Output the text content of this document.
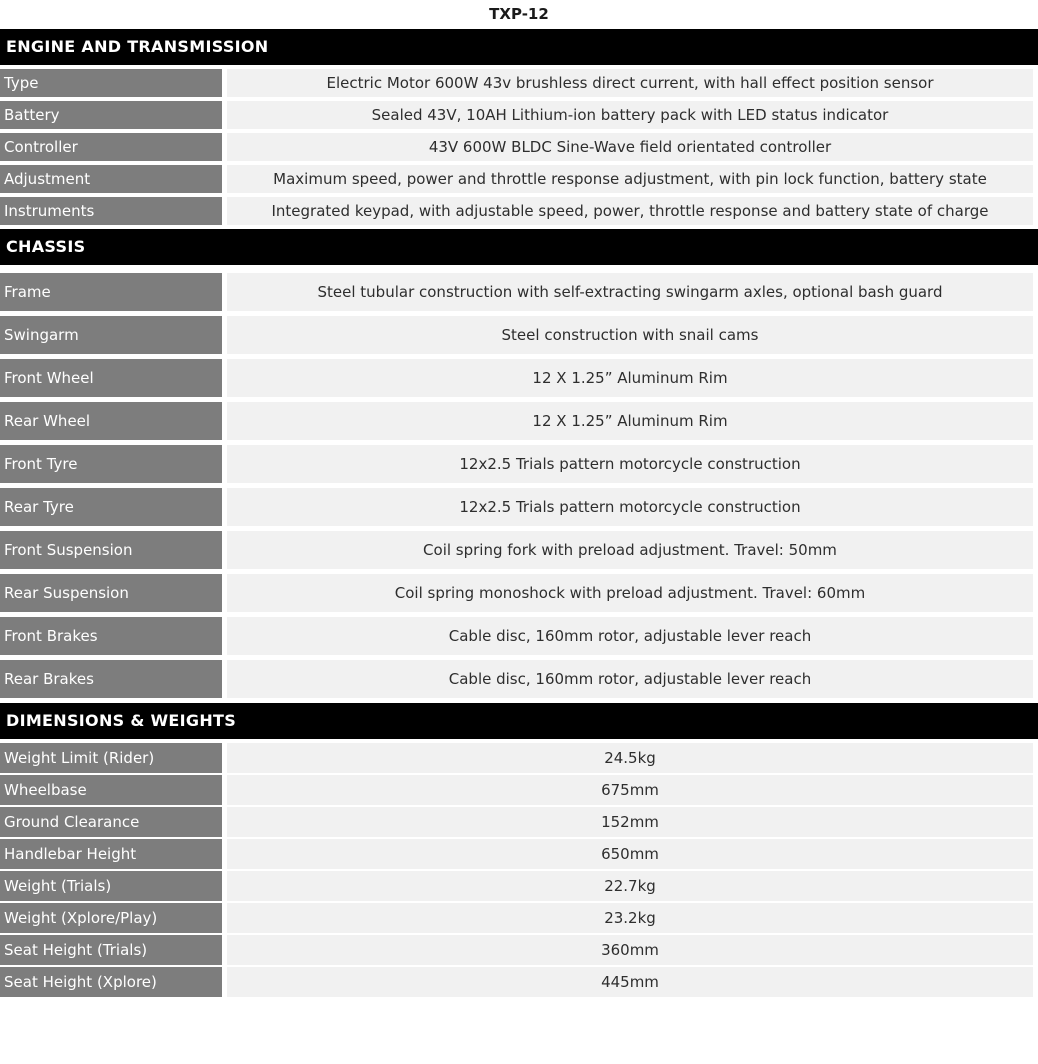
TXP-12
ENGINE AND TRANSMISSION
Type	Electric Motor 600W 43v brushless direct current, with hall effect position sensor
Battery	Sealed 43V, 10AH Lithium-ion battery pack with LED status indicator
Controller	43V 600W BLDC Sine-Wave field orientated controller
Adjustment	Maximum speed, power and throttle response adjustment, with pin lock function, battery state
Instruments	Integrated keypad, with adjustable speed, power, throttle response and battery state of charge
CHASSIS
Frame	Steel tubular construction with self-extracting swingarm axles, optional bash guard
Swingarm	Steel construction with snail cams
Front Wheel	12 X 1.25” Aluminum Rim
Rear Wheel	12 X 1.25” Aluminum Rim
Front Tyre	12x2.5 Trials pattern motorcycle construction
Rear Tyre	12x2.5 Trials pattern motorcycle construction
Front Suspension	Coil spring fork with preload adjustment. Travel: 50mm
Rear Suspension	Coil spring monoshock with preload adjustment. Travel: 60mm
Front Brakes	Cable disc, 160mm rotor, adjustable lever reach
Rear Brakes	Cable disc, 160mm rotor, adjustable lever reach
DIMENSIONS & WEIGHTS
Weight Limit (Rider)	24.5kg
Wheelbase	675mm
Ground Clearance	152mm
Handlebar Height	650mm
Weight (Trials)	22.7kg
Weight (Xplore/Play)	23.2kg
Seat Height (Trials)	360mm
Seat Height (Xplore)	445mm
